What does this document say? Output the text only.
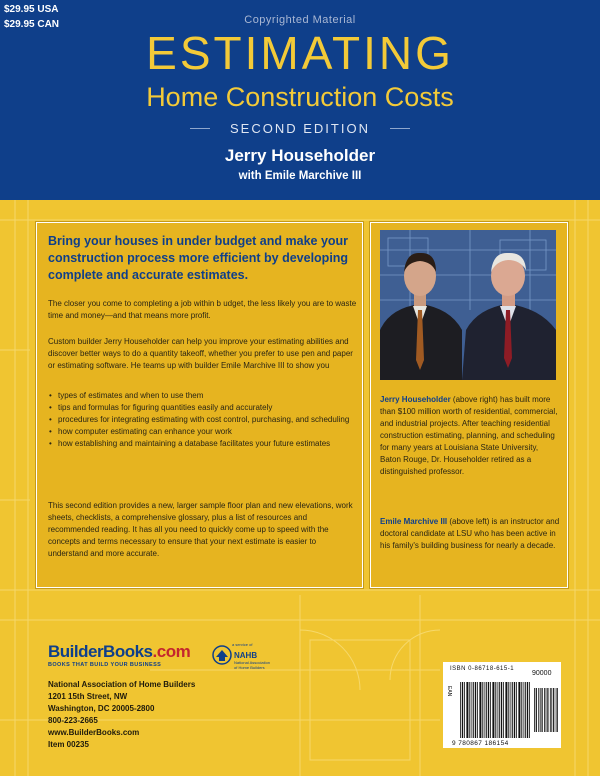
$29.95 USA
$29.95 CAN	Copyrighted Material
ESTIMATING
Home Construction Costs
SECOND EDITION
Jerry Householder
with Emile Marchive III
Bring your houses in under budget and make your construction process more efficient by developing complete and accurate estimates.
The closer you come to completing a job within b udget, the less likely you are to waste time and money—and that means more profit.
Custom builder Jerry Householder can help you improve your estimating abilities and discover better ways to do a quantity takeoff, whether you prefer to use pen and paper or estimating software. He teams up with builder Emile Marchive III to show you
• types of estimates and when to use them
• tips and formulas for figuring quantities easily and accurately
• procedures for integrating estimating with cost control, purchasing, and scheduling
• how computer estimating can enhance your work
• how establishing and maintaining a database facilitates your future estimates
This second edition provides a new, larger sample floor plan and new elevations, work sheets, checklists, a comprehensive glossary, plus a list of resources and recommended reading. It has all you need to quickly come up to speed with the concepts and terms necessary to ensure that your next estimate is easier to understand and more accurate.
Jerry Householder (above right) has built more than $100 million worth of residential, commercial, and industrial projects. After teaching residential construction estimating, planning, and scheduling for many years at Louisiana State University, Baton Rouge, Dr. Householder retired as a distinguished professor.
Emile Marchive III (above left) is an instructor and doctoral candidate at LSU who has been active in his family's building business for nearly a decade.
BuilderBooks.com
BOOKS THAT BUILD YOUR BUSINESS
a service of
NAHB
National Association of Home Builders
National Association of Home Builders
1201 15th Street, NW
Washington, DC 20005-2800
800-223-2665
www.BuilderBooks.com
Item 00235
ISBN 0-86718-615-1
90000
EAN
9 780867 186154
